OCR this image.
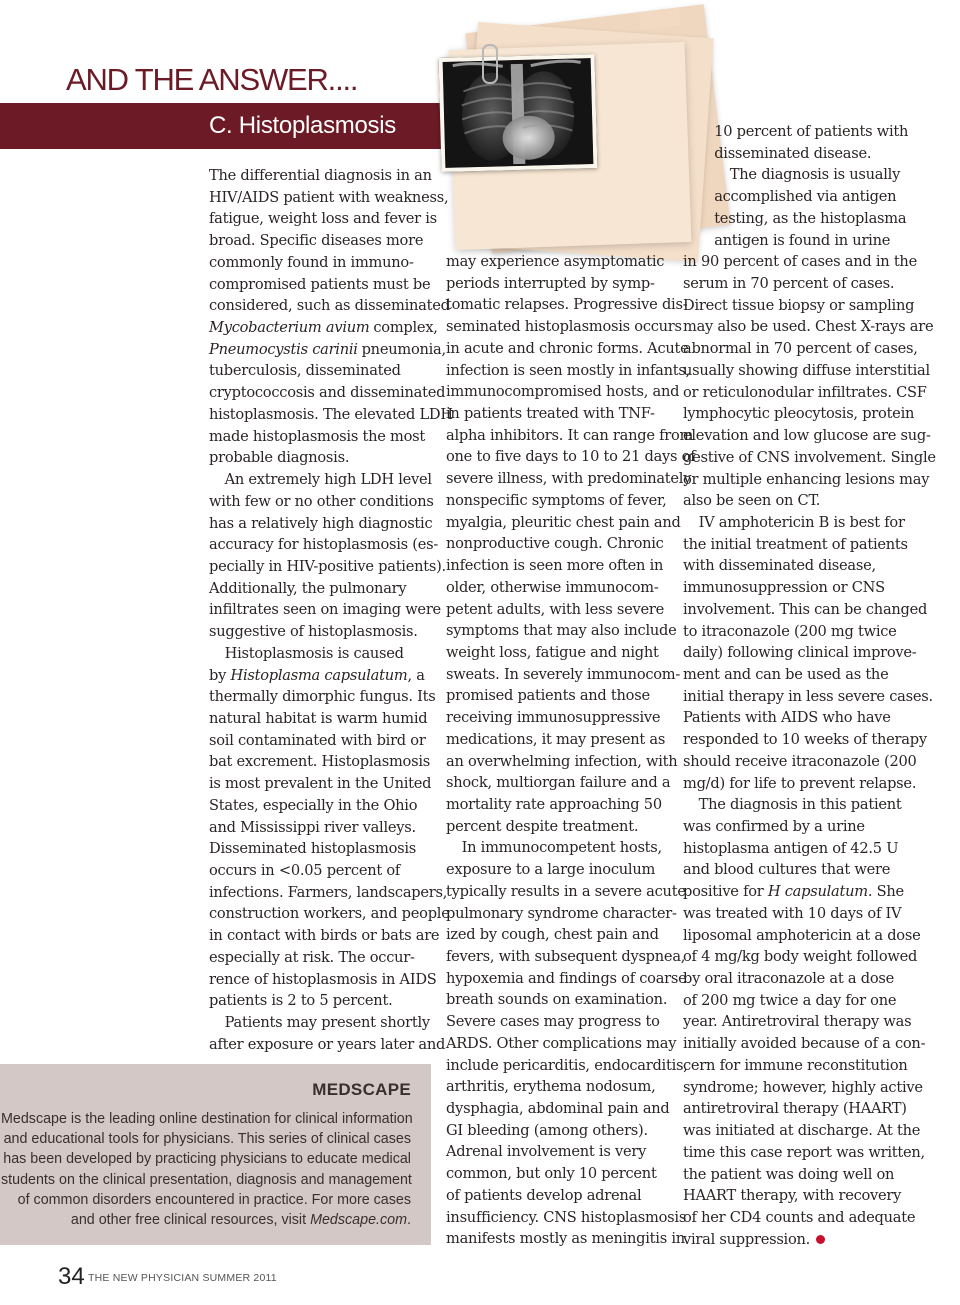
AND THE ANSWER....
C. Histoplasmosis

The differential diagnosis in an

HIV/AIDS patient with weakness,

fatigue, weight loss and fever is

broad. Specific diseases more

commonly found in immuno-

compromised patients must be

considered, such as disseminated

Mycobacterium avium complex,

Pneumocystis carinii pneumonia,

tuberculosis, disseminated

cryptococcosis and disseminated

histoplasmosis. The elevated LDH

made histoplasmosis the most

probable diagnosis.

An extremely high LDH level

with few or no other conditions

has a relatively high diagnostic

accuracy for histoplasmosis (es-

pecially in HIV-positive patients).

Additionally, the pulmonary

infiltrates seen on imaging were

suggestive of histoplasmosis.

Histoplasmosis is caused

by Histoplasma capsulatum, a

thermally dimorphic fungus. Its

natural habitat is warm humid

soil contaminated with bird or

bat excrement. Histoplasmosis

is most prevalent in the United

States, especially in the Ohio

and Mississippi river valleys.

Disseminated histoplasmosis

occurs in <0.05 percent of

infections. Farmers, landscapers,

construction workers, and people

in contact with birds or bats are

especially at risk. The occur-

rence of histoplasmosis in AIDS

patients is 2 to 5 percent.

Patients may present shortly

after exposure or years later and

may experience asymptomatic

periods interrupted by symp-

tomatic relapses. Progressive dis-

seminated histoplasmosis occurs

in acute and chronic forms. Acute

infection is seen mostly in infants,

immunocompromised hosts, and

in patients treated with TNF-

alpha inhibitors. It can range from

one to five days to 10 to 21 days of

severe illness, with predominately

nonspecific symptoms of fever,

myalgia, pleuritic chest pain and

nonproductive cough. Chronic

infection is seen more often in

older, otherwise immunocom-

petent adults, with less severe

symptoms that may also include

weight loss, fatigue and night

sweats. In severely immunocom-

promised patients and those

receiving immunosuppressive

medications, it may present as

an overwhelming infection, with

shock, multiorgan failure and a

mortality rate approaching 50

percent despite treatment.

In immunocompetent hosts,

exposure to a large inoculum

typically results in a severe acute

pulmonary syndrome character-

ized by cough, chest pain and

fevers, with subsequent dyspnea,

hypoxemia and findings of coarse

breath sounds on examination.

Severe cases may progress to

ARDS. Other complications may

include pericarditis, endocarditis,

arthritis, erythema nodosum,

dysphagia, abdominal pain and

GI bleeding (among others).

Adrenal involvement is very

common, but only 10 percent

of patients develop adrenal

insufficiency. CNS histoplasmosis

manifests mostly as meningitis in

10 percent of patients with

disseminated disease.

The diagnosis is usually

accomplished via antigen

testing, as the histoplasma

antigen is found in urine

in 90 percent of cases and in the

serum in 70 percent of cases.

Direct tissue biopsy or sampling

may also be used. Chest X-rays are

abnormal in 70 percent of cases,

usually showing diffuse interstitial

or reticulonodular infiltrates. CSF

lymphocytic pleocytosis, protein

elevation and low glucose are sug-

gestive of CNS involvement. Single

or multiple enhancing lesions may

also be seen on CT.

IV amphotericin B is best for

the initial treatment of patients

with disseminated disease,

immunosuppression or CNS

involvement. This can be changed

to itraconazole (200 mg twice

daily) following clinical improve-

ment and can be used as the

initial therapy in less severe cases.

Patients with AIDS who have

responded to 10 weeks of therapy

should receive itraconazole (200

mg/d) for life to prevent relapse.

The diagnosis in this patient

was confirmed by a urine

histoplasma antigen of 42.5 U

and blood cultures that were

positive for H capsulatum. She

was treated with 10 days of IV

liposomal amphotericin at a dose

of 4 mg/kg body weight followed

by oral itraconazole at a dose

of 200 mg twice a day for one

year. Antiretroviral therapy was

initially avoided because of a con-

cern for immune reconstitution

syndrome; however, highly active

antiretroviral therapy (HAART)

was initiated at discharge. At the

time this case report was written,

the patient was doing well on

HAART therapy, with recovery

of her CD4 counts and adequate

viral suppression.

MEDSCAPE

Medscape is the leading online destination for clinical information

and educational tools for physicians. This series of clinical cases

has been developed by practicing physicians to educate medical

students on the clinical presentation, diagnosis and management

of common disorders encountered in practice. For more cases

and other free clinical resources, visit Medscape.com.

34 THE NEW PHYSICIAN SUMMER 2011
